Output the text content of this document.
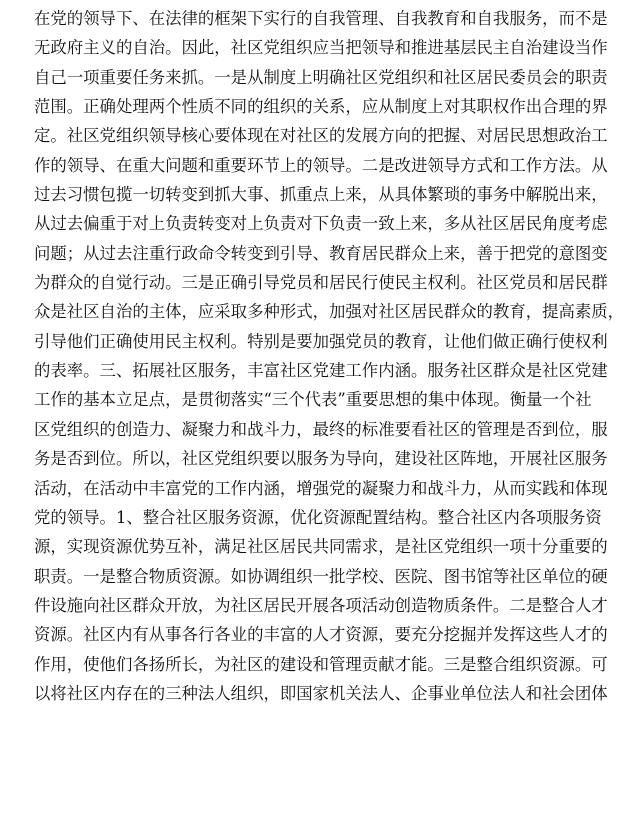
在党的领导下、在法律的框架下实行的自我管理、自我教育和自我服务，而不是
无政府主义的自治。因此，社区党组织应当把领导和推进基层民主自治建设当作
自己一项重要任务来抓。一是从制度上明确社区党组织和社区居民委员会的职责
范围。正确处理两个性质不同的组织的关系，应从制度上对其职权作出合理的界
定。社区党组织领导核心要体现在对社区的发展方向的把握、对居民思想政治工
作的领导、在重大问题和重要环节上的领导。二是改进领导方式和工作方法。从
过去习惯包揽一切转变到抓大事、抓重点上来，从具体繁琐的事务中解脱出来，
从过去偏重于对上负责转变对上负责对下负责一致上来，多从社区居民角度考虑
问题；从过去注重行政命令转变到引导、教育居民群众上来，善于把党的意图变
为群众的自觉行动。三是正确引导党员和居民行使民主权利。社区党员和居民群
众是社区自治的主体，应采取多种形式，加强对社区居民群众的教育，提高素质，
引导他们正确使用民主权利。特别是要加强党员的教育，让他们做正确行使权利
的表率。三、拓展社区服务，丰富社区党建工作内涵。服务社区群众是社区党建
工作的基本立足点，是贯彻落实“三个代表”重要思想的集中体现。衡量一个社
区党组织的创造力、凝聚力和战斗力，最终的标准要看社区的管理是否到位，服
务是否到位。所以，社区党组织要以服务为导向，建设社区阵地，开展社区服务
活动，在活动中丰富党的工作内涵，增强党的凝聚力和战斗力，从而实践和体现
党的领导。1、整合社区服务资源，优化资源配置结构。整合社区内各项服务资
源，实现资源优势互补，满足社区居民共同需求，是社区党组织一项十分重要的
职责。一是整合物质资源。如协调组织一批学校、医院、图书馆等社区单位的硬
件设施向社区群众开放，为社区居民开展各项活动创造物质条件。二是整合人才
资源。社区内有从事各行各业的丰富的人才资源，要充分挖掘并发挥这些人才的
作用，使他们各扬所长，为社区的建设和管理贡献才能。三是整合组织资源。可
以将社区内存在的三种法人组织，即国家机关法人、企事业单位法人和社会团体
